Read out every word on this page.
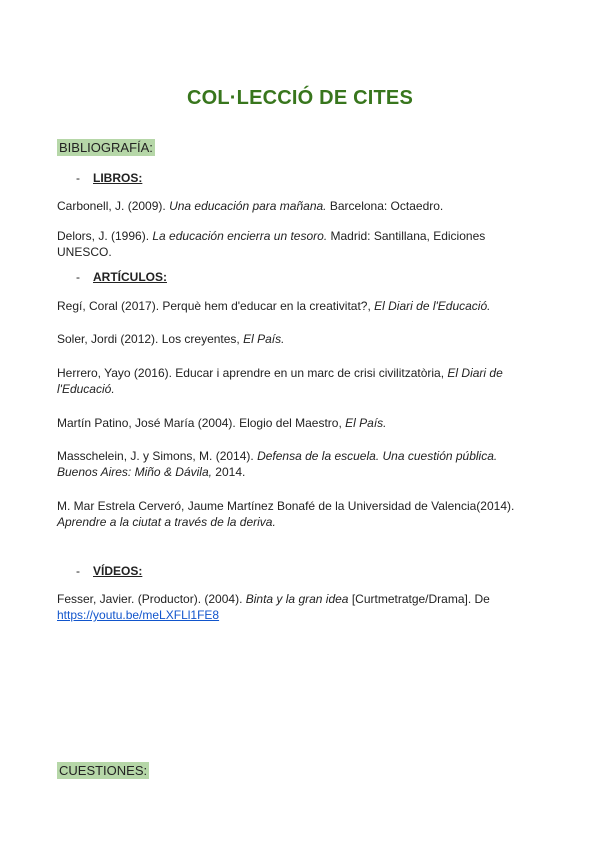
COL·LECCIÓ DE CITES
BIBLIOGRAFÍA:
- LIBROS:
Carbonell, J. (2009). Una educación para mañana. Barcelona: Octaedro.
Delors, J. (1996). La educación encierra un tesoro. Madrid: Santillana, Ediciones UNESCO.
- ARTÍCULOS:
Regí, Coral (2017). Perquè hem d'educar en la creativitat?, El Diari de l'Educació.
Soler, Jordi (2012). Los creyentes, El País.
Herrero, Yayo (2016). Educar i aprendre en un marc de crisi civilitzatòria, El Diari de l'Educació.
Martín Patino, José María (2004). Elogio del Maestro, El País.
Masschelein, J. y Simons, M. (2014). Defensa de la escuela. Una cuestión pública. Buenos Aires: Miño & Dávila, 2014.
M. Mar Estrela Cerveró, Jaume Martínez Bonafé de la Universidad de Valencia(2014). Aprendre a la ciutat a través de la deriva.
- VÍDEOS:
Fesser, Javier. (Productor). (2004). Binta y la gran idea [Curtmetratge/Drama]. De
https://youtu.be/meLXFLl1FE8
CUESTIONES:
